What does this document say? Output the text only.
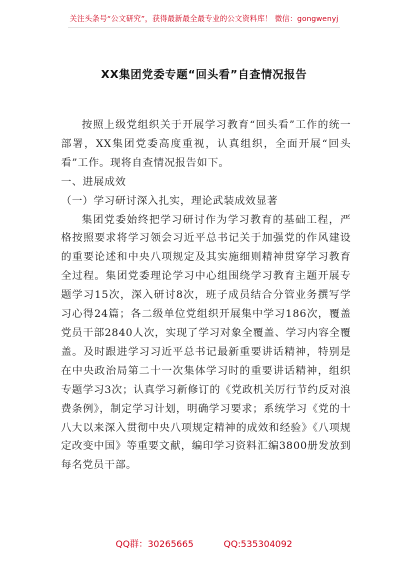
关注头条号“公文研究”，获得最新最全最专业的公文资料库！ 微信：gongwenyj
XX集团党委专题“回头看”自查情况报告

按照上级党组织关于开展学习教育“回头看”工作的统一部署，XX集团党委高度重视，认真组织，全面开展“回头看”工作。现将自查情况报告如下。

一、进展成效

（一）学习研讨深入扎实，理论武装成效显著

集团党委始终把学习研讨作为学习教育的基础工程，严格按照要求将学习领会习近平总书记关于加强党的作风建设的重要论述和中央八项规定及其实施细则精神贯穿学习教育全过程。集团党委理论学习中心组围绕学习教育主题开展专题学习15次，深入研讨8次，班子成员结合分管业务撰写学习心得24篇；各二级单位党组织开展集中学习186次，覆盖党员干部2840人次，实现了学习对象全覆盖、学习内容全覆盖。及时跟进学习习近平总书记最新重要讲话精神，特别是在中央政治局第二十一次集体学习时的重要讲话精神，组织专题学习3次；认真学习新修订的《党政机关厉行节约反对浪费条例》，制定学习计划，明确学习要求；系统学习《党的十八大以来深入贯彻中央八项规定精神的成效和经验》《八项规定改变中国》等重要文献，编印学习资料汇编3800册发放到每名党员干部。

QQ群：30265665	QQ:535304092
